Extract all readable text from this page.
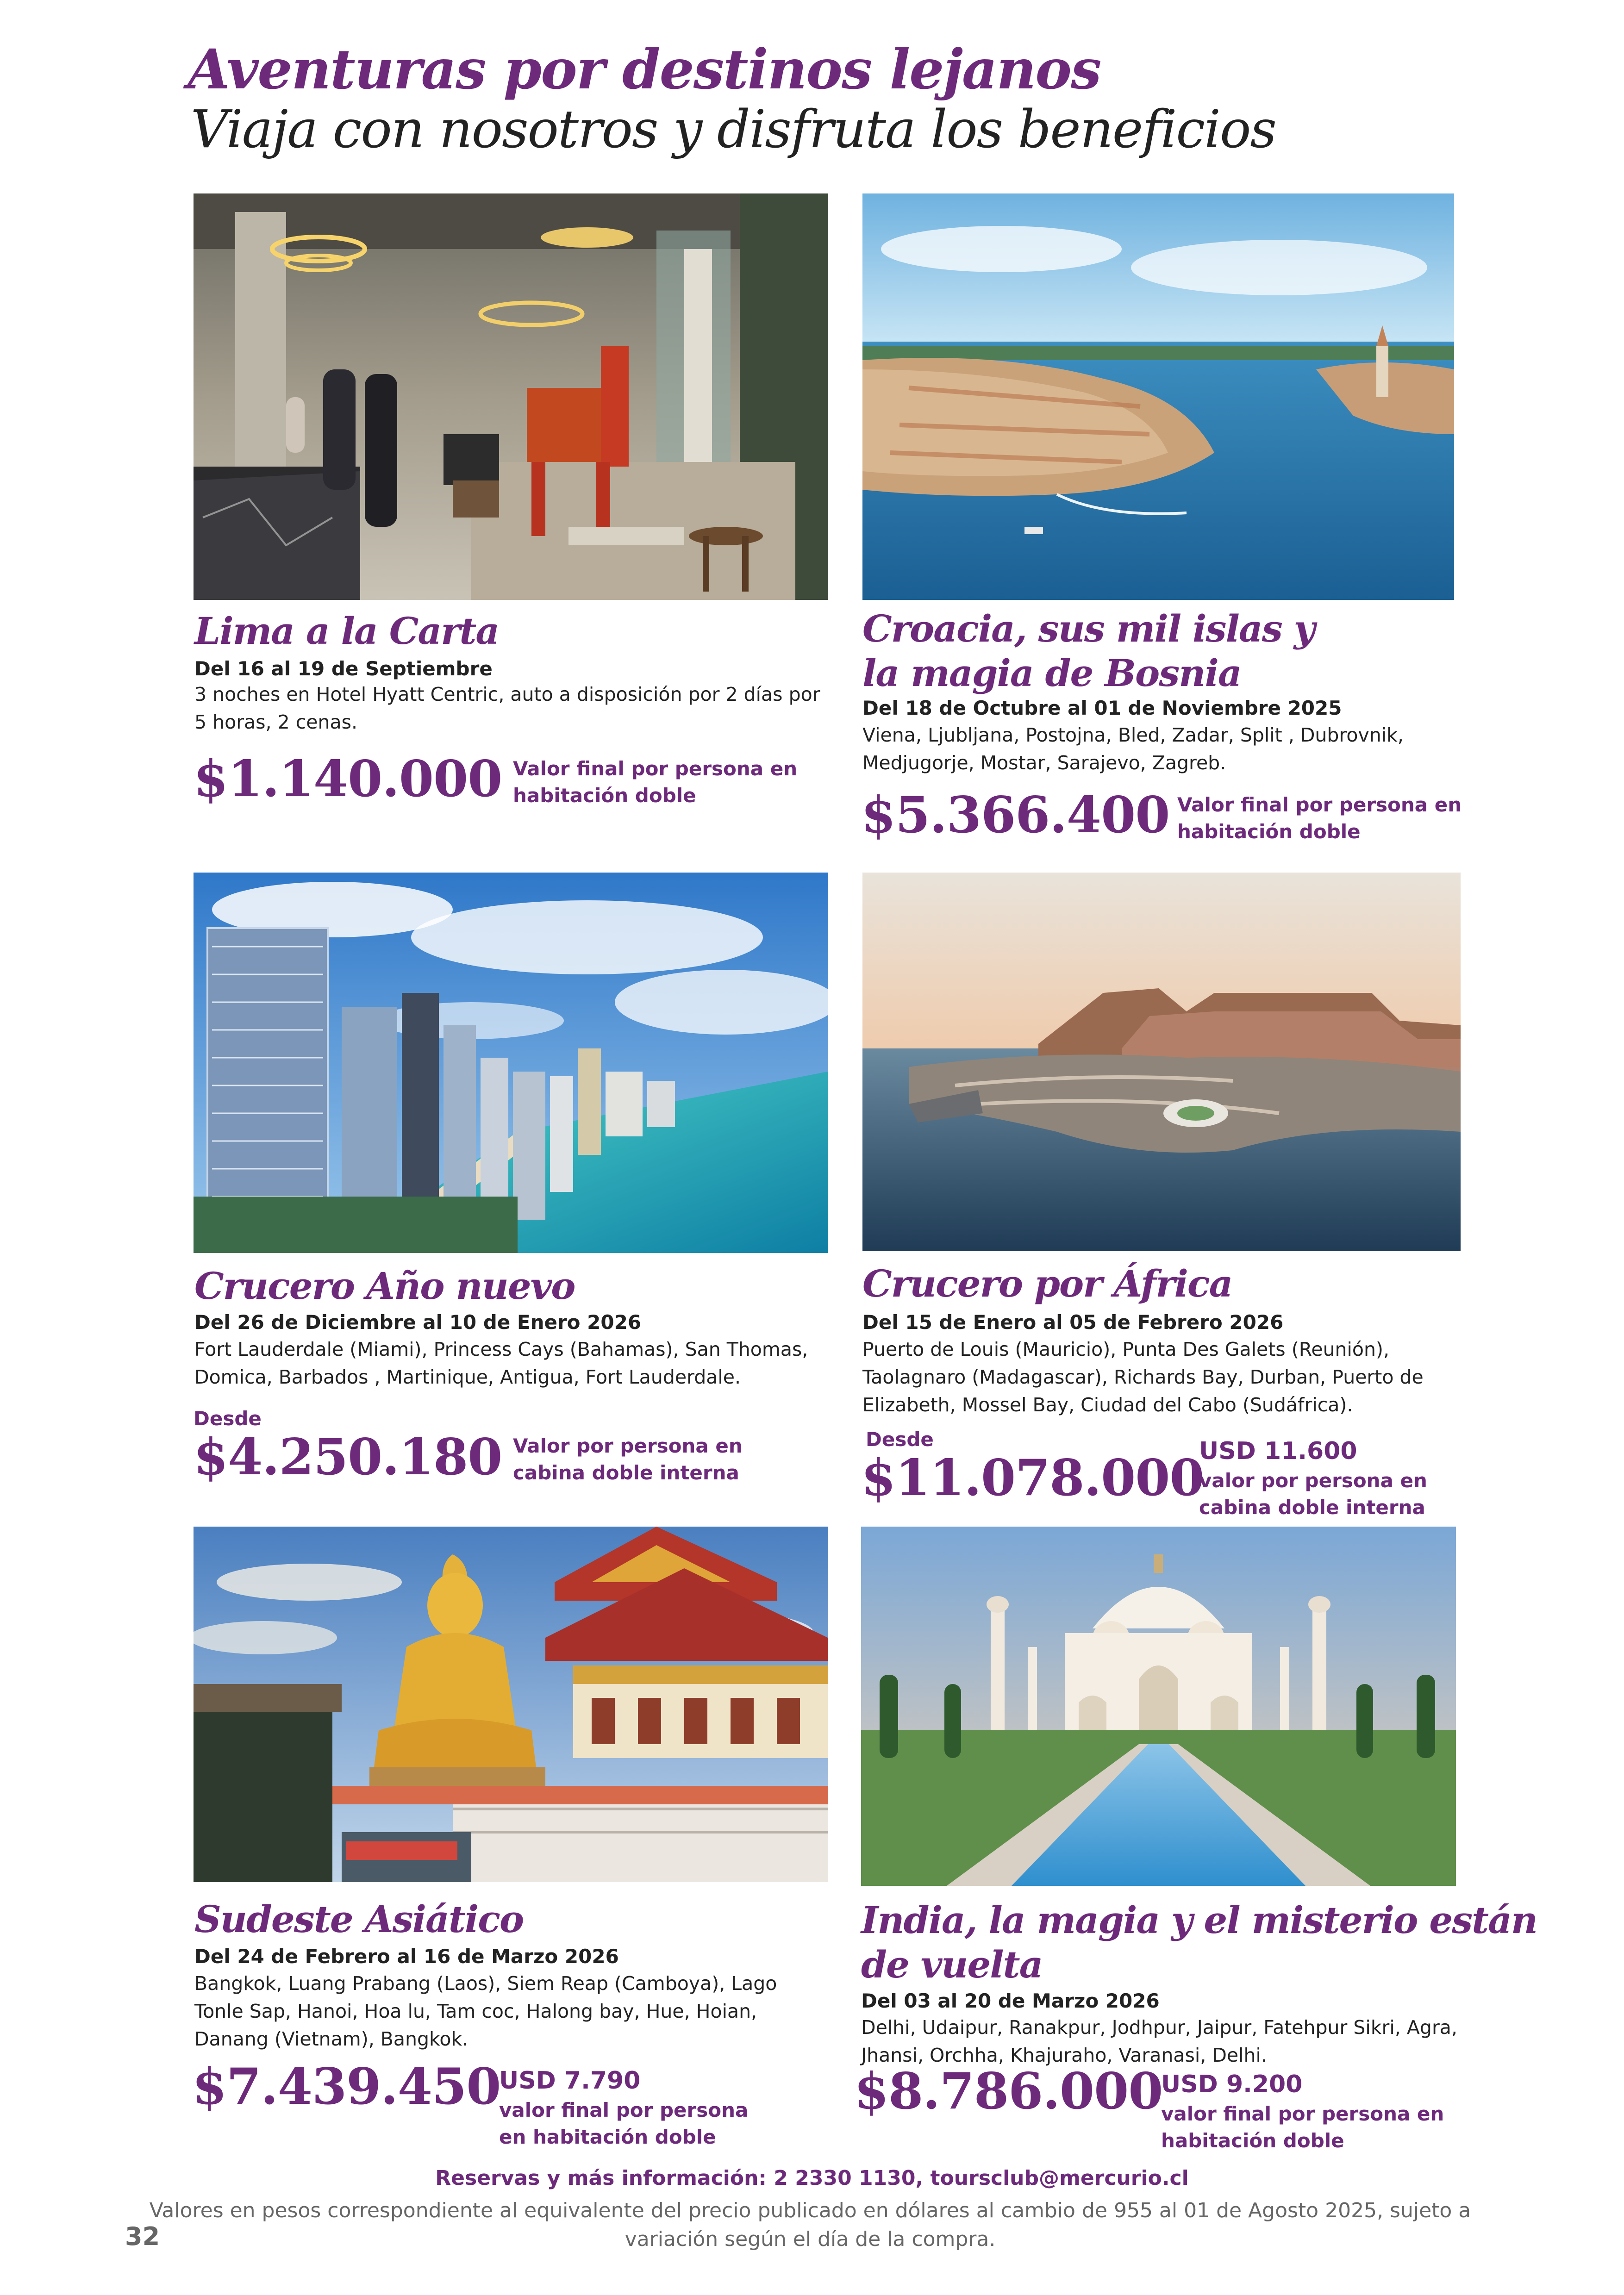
Aventuras por destinos lejanos
Viaja con nosotros y disfruta los beneficios
Lima a la Carta
Del 16 al 19 de Septiembre
3 noches en Hotel Hyatt Centric, auto a disposición por 2 días por 5 horas, 2 cenas.
$1.140.000 Valor final por persona en habitación doble
Croacia, sus mil islas y
la magia de Bosnia
Del 18 de Octubre al 01 de Noviembre 2025
Viena, Ljubljana, Postojna, Bled, Zadar, Split , Dubrovnik, Medjugorje, Mostar, Sarajevo, Zagreb.
$5.366.400 Valor final por persona en habitación doble
Crucero Año nuevo
Del 26 de Diciembre al 10 de Enero 2026
Fort Lauderdale (Miami), Princess Cays (Bahamas), San Thomas, Domica, Barbados , Martinique, Antigua, Fort Lauderdale.
Desde
$4.250.180 Valor por persona en cabina doble interna
Crucero por África
Del 15 de Enero al 05 de Febrero 2026
Puerto de Louis (Mauricio), Punta Des Galets (Reunión), Taolagnaro (Madagascar), Richards Bay, Durban, Puerto de Elizabeth, Mossel Bay, Ciudad del Cabo (Sudáfrica).
Desde
$11.078.000
USD 11.600
valor por persona en cabina doble interna
Sudeste Asiático
Del 24 de Febrero al 16 de Marzo 2026
Bangkok, Luang Prabang (Laos), Siem Reap (Camboya), Lago Tonle Sap, Hanoi, Hoa lu, Tam coc, Halong bay, Hue, Hoian, Danang (Vietnam), Bangkok.
$7.439.450
USD 7.790
valor final por persona en habitación doble
India, la magia y el misterio están
de vuelta
Del 03 al 20 de Marzo 2026
Delhi, Udaipur, Ranakpur, Jodhpur, Jaipur, Fatehpur Sikri, Agra, Jhansi, Orchha, Khajuraho, Varanasi, Delhi.
$8.786.000
USD 9.200
valor final por persona en habitación doble
Reservas y más información: 2 2330 1130, toursclub@mercurio.cl
32
Valores en pesos correspondiente al equivalente del precio publicado en dólares al cambio de 955 al 01 de Agosto 2025, sujeto a variación según el día de la compra.
